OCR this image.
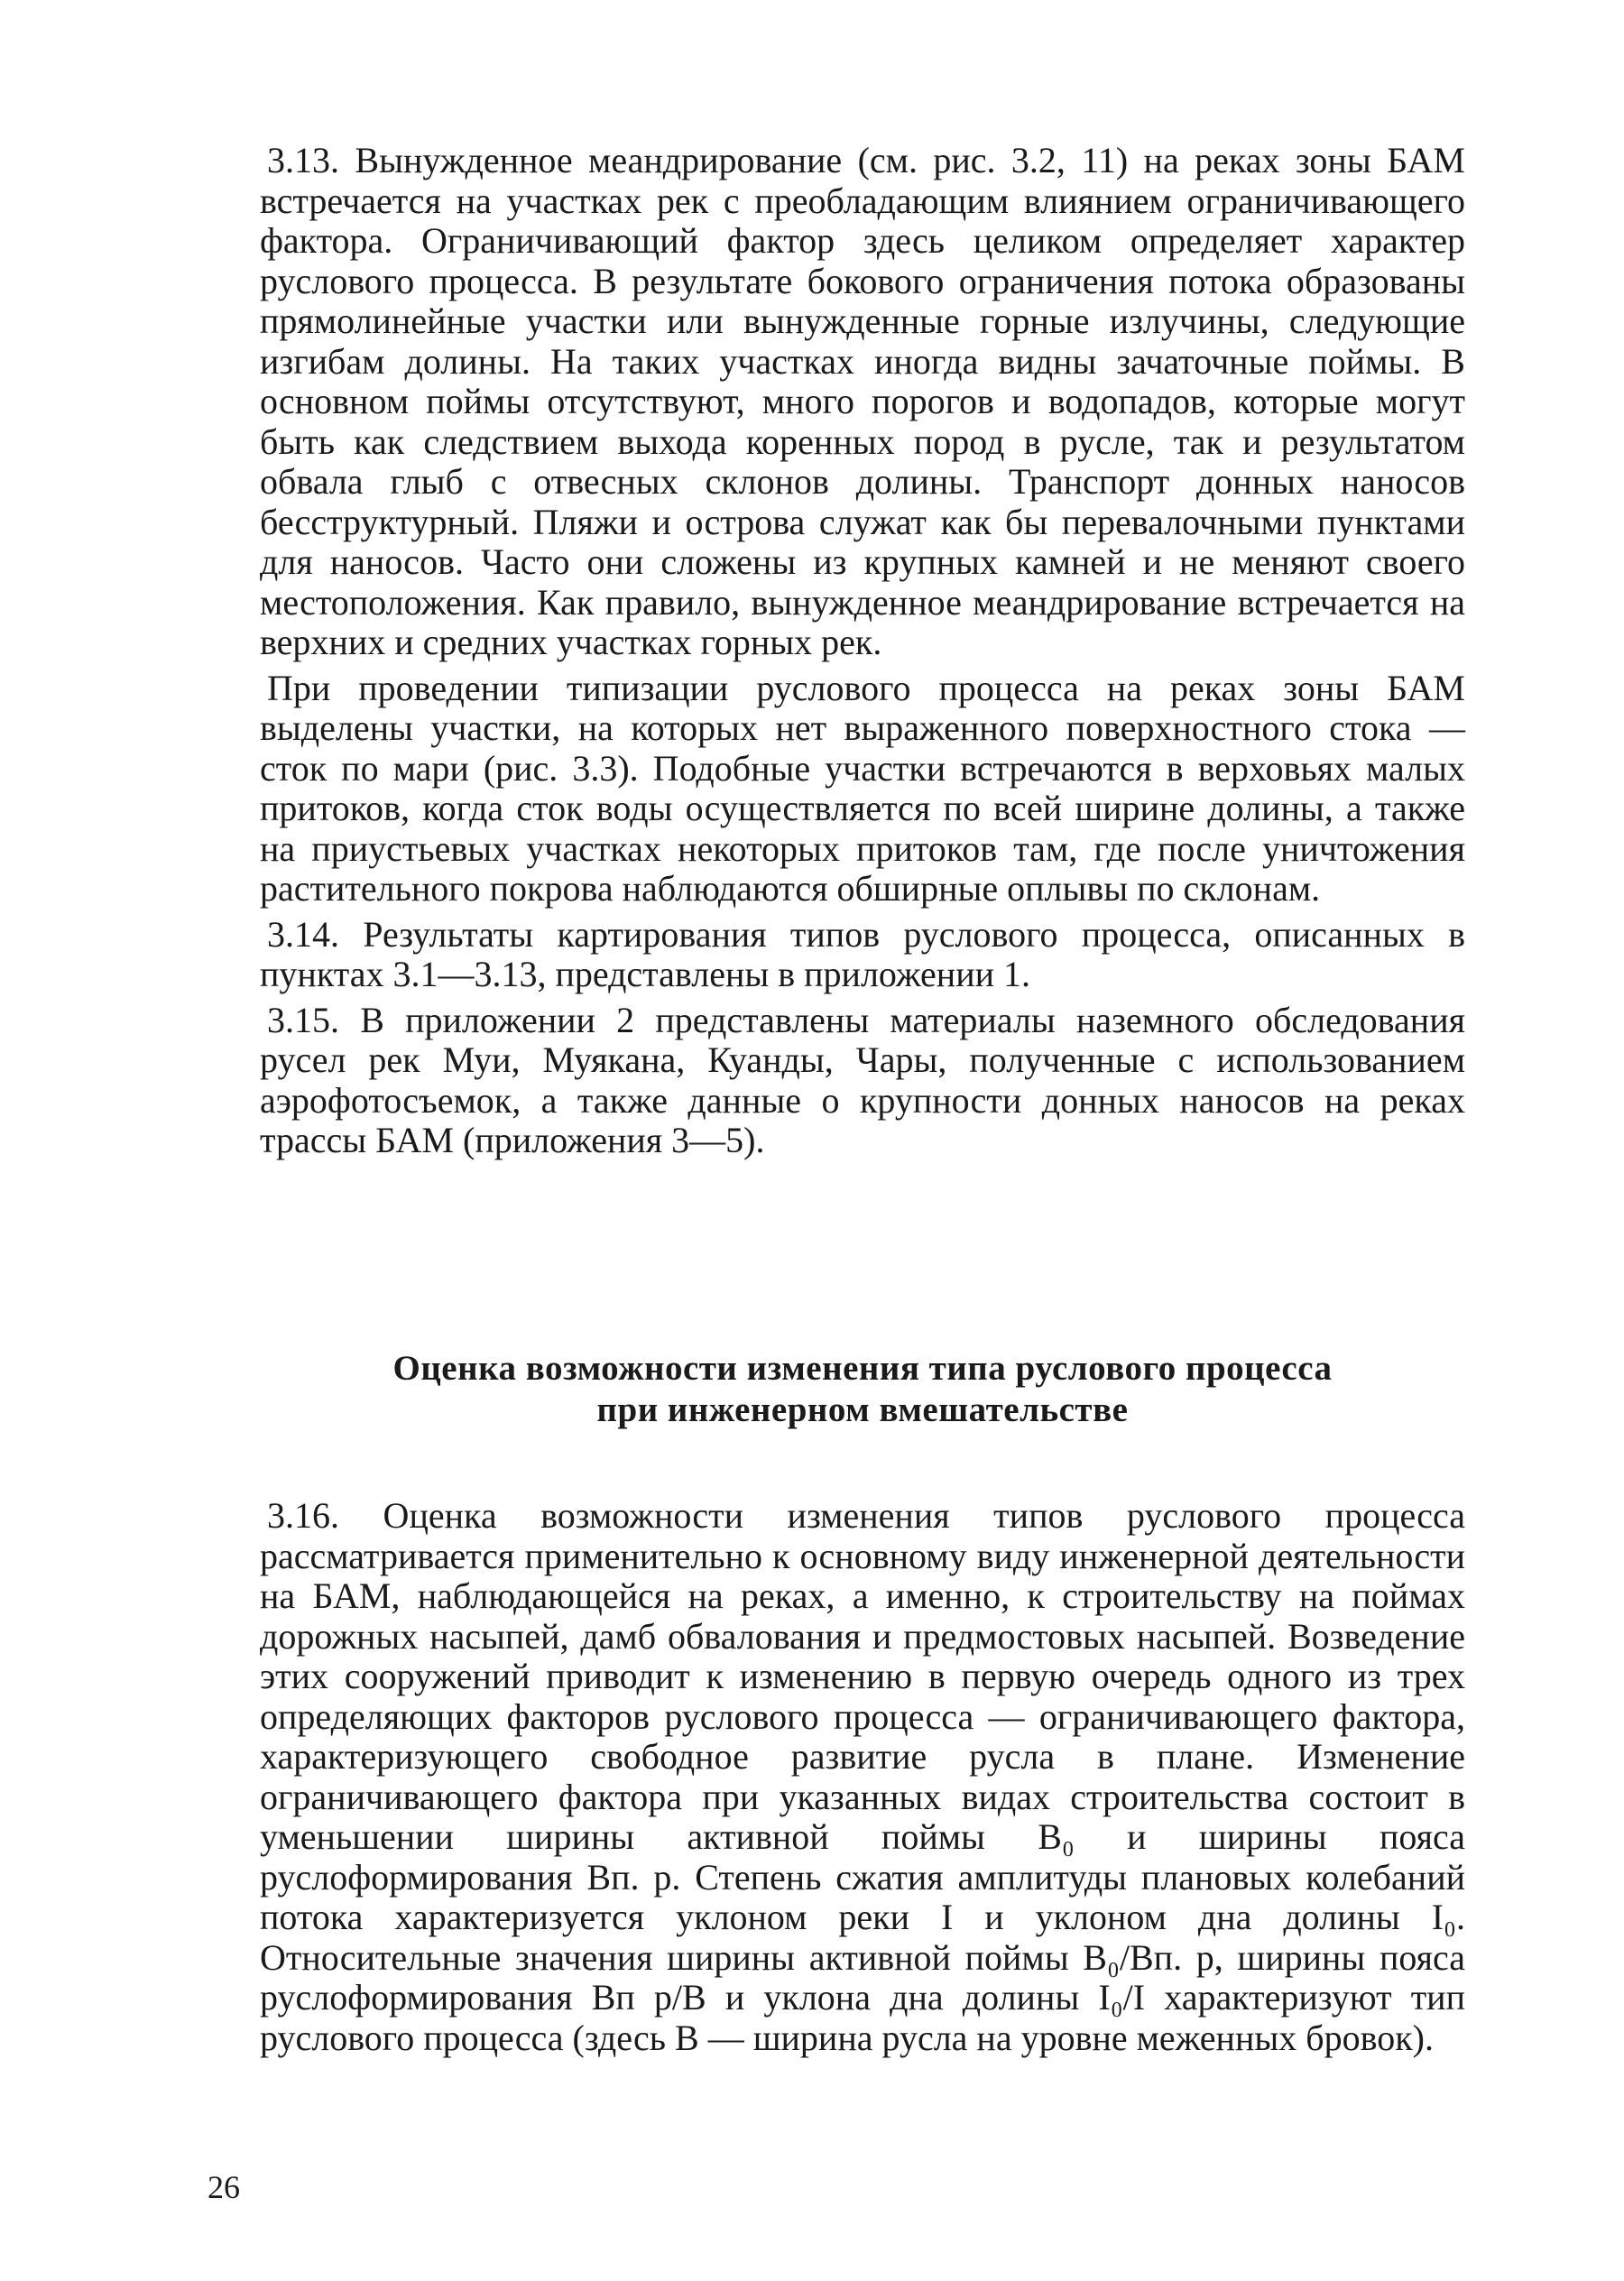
3.13. Вынужденное меандрирование (см. рис. 3.2, 11) на реках зоны БАМ встречается на участках рек с преобладающим влиянием ограничивающего фактора. Ограничивающий фактор здесь целиком определяет характер руслового процесса. В результате бокового ограничения потока образованы прямолинейные участки или вынужденные горные излучины, следующие изгибам долины. На таких участках иногда видны зачаточные поймы. В основном поймы отсутствуют, много порогов и водопадов, которые могут быть как следствием выхода коренных пород в русле, так и результатом обвала глыб с отвесных склонов долины. Транспорт донных наносов бесструктурный. Пляжи и острова служат как бы перевалочными пунктами для наносов. Часто они сложены из крупных камней и не меняют своего местоположения. Как правило, вынужденное меандрирование встречается на верхних и средних участках горных рек.

При проведении типизации руслового процесса на реках зоны БАМ выделены участки, на которых нет выраженного поверхностного стока — сток по мари (рис. 3.3). Подобные участки встречаются в верховьях малых притоков, когда сток воды осуществляется по всей ширине долины, а также на приустьевых участках некоторых притоков там, где после уничтожения растительного покрова наблюдаются обширные оплывы по склонам.

3.14. Результаты картирования типов руслового процесса, описанных в пунктах 3.1—3.13, представлены в приложении 1.

3.15. В приложении 2 представлены материалы наземного обследования русел рек Муи, Муякана, Куанды, Чары, полученные с использованием аэрофотосъемок, а также данные о крупности донных наносов на реках трассы БАМ (приложения 3—5).

Оценка возможности изменения типа руслового процесса
при инженерном вмешательстве

3.16. Оценка возможности изменения типов руслового процесса рассматривается применительно к основному виду инженерной деятельности на БАМ, наблюдающейся на реках, а именно, к строительству на поймах дорожных насыпей, дамб обвалования и предмостовых насыпей. Возведение этих сооружений приводит к изменению в первую очередь одного из трех определяющих факторов руслового процесса — ограничивающего фактора, характеризующего свободное развитие русла в плане. Изменение ограничивающего фактора при указанных видах строительства состоит в уменьшении ширины активной поймы B₀ и ширины пояса руслоформирования Bп. р. Степень сжатия амплитуды плановых колебаний потока характеризуется уклоном реки I и уклоном дна долины I₀. Относительные значения ширины активной поймы B₀/Bп. р, ширины пояса руслоформирования Bп р/B и уклона дна долины I₀/I характеризуют тип руслового процесса (здесь B — ширина русла на уровне меженных бровок).

26
